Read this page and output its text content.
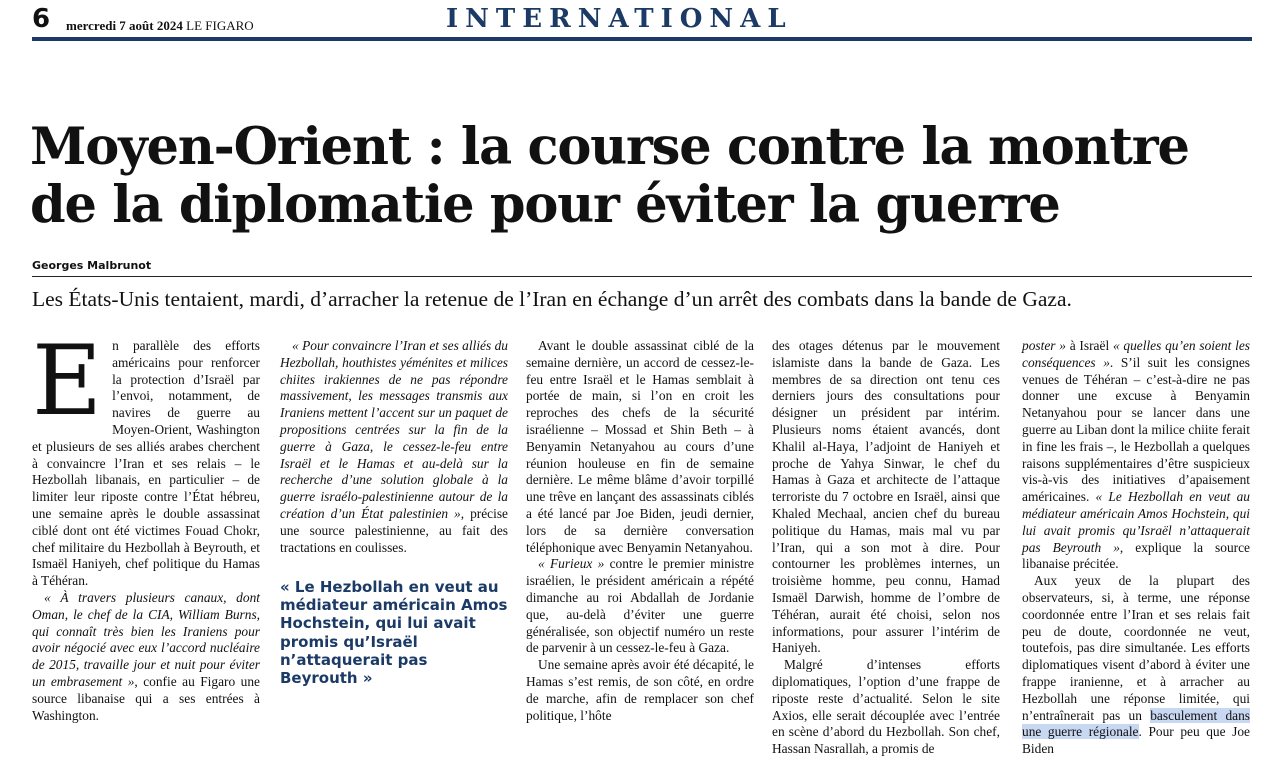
6 mercredi 7 août 2024 LE FIGARO	INTERNATIONAL
Moyen-Orient : la course contre la montre
de la diplomatie pour éviter la guerre
Georges Malbrunot
Les États-Unis tentaient, mardi, d’arracher la retenue de l’Iran en échange d’un arrêt des combats dans la bande de Gaza.

En parallèle des efforts américains pour renforcer la protection d’Israël par l’envoi, notamment, de navires de guerre au Moyen-Orient, Washington et plusieurs de ses alliés arabes cherchent à convaincre l’Iran et ses relais – le Hezbollah libanais, en particulier – de limiter leur riposte contre l’État hébreu, une semaine après le double assassinat ciblé dont ont été victimes Fouad Chokr, chef militaire du Hezbollah à Beyrouth, et Ismaël Haniyeh, chef politique du Hamas à Téhéran.

« À travers plusieurs canaux, dont Oman, le chef de la CIA, William Burns, qui connaît très bien les Iraniens pour avoir négocié avec eux l’accord nucléaire de 2015, travaille jour et nuit pour éviter un embrasement », confie au Figaro une source libanaise qui a ses entrées à Washington.

« Pour convaincre l’Iran et ses alliés du Hezbollah, houthistes yéménites et milices chiites irakiennes de ne pas répondre massivement, les messages transmis aux Iraniens mettent l’accent sur un paquet de propositions centrées sur la fin de la guerre à Gaza, le cessez-le-feu entre Israël et le Hamas et au-delà sur la recherche d’une solution globale à la guerre israélo-palestinienne autour de la création d’un État palestinien », précise une source palestinienne, au fait des tractations en coulisses.

« Le Hezbollah en veut au médiateur américain Amos Hochstein, qui lui avait promis qu’Israël n’attaquerait pas Beyrouth »

Avant le double assassinat ciblé de la semaine dernière, un accord de cessez-le-feu entre Israël et le Hamas semblait à portée de main, si l’on en croit les reproches des chefs de la sécurité israélienne – Mossad et Shin Beth – à Benyamin Netanyahou au cours d’une réunion houleuse en fin de semaine dernière. Le même blâme d’avoir torpillé une trêve en lançant des assassinats ciblés a été lancé par Joe Biden, jeudi dernier, lors de sa dernière conversation téléphonique avec Benyamin Netanyahou.

« Furieux » contre le premier ministre israélien, le président américain a répété dimanche au roi Abdallah de Jordanie que, au-delà d’éviter une guerre généralisée, son objectif numéro un reste de parvenir à un cessez-le-feu à Gaza.

Une semaine après avoir été décapité, le Hamas s’est remis, de son côté, en ordre de marche, afin de remplacer son chef politique, l’hôte

des otages détenus par le mouvement islamiste dans la bande de Gaza. Les membres de sa direction ont tenu ces derniers jours des consultations pour désigner un président par intérim. Plusieurs noms étaient avancés, dont Khalil al-Haya, l’adjoint de Haniyeh et proche de Yahya Sinwar, le chef du Hamas à Gaza et architecte de l’attaque terroriste du 7 octobre en Israël, ainsi que Khaled Mechaal, ancien chef du bureau politique du Hamas, mais mal vu par l’Iran, qui a son mot à dire. Pour contourner les problèmes internes, un troisième homme, peu connu, Hamad Ismaël Darwish, homme de l’ombre de Téhéran, aurait été choisi, selon nos informations, pour assurer l’intérim de Haniyeh.

Malgré d’intenses efforts diplomatiques, l’option d’une frappe de riposte reste d’actualité. Selon le site Axios, elle serait découplée avec l’entrée en scène d’abord du Hezbollah. Son chef, Hassan Nasrallah, a promis de

poster » à Israël « quelles qu’en soient les conséquences ». S’il suit les consignes venues de Téhéran – c’est-à-dire ne pas donner une excuse à Benyamin Netanyahou pour se lancer dans une guerre au Liban dont la milice chiite ferait in fine les frais –, le Hezbollah a quelques raisons supplémentaires d’être suspicieux vis-à-vis des initiatives d’apaisement américaines. « Le Hezbollah en veut au médiateur américain Amos Hochstein, qui lui avait promis qu’Israël n’attaquerait pas Beyrouth », explique la source libanaise précitée.

Aux yeux de la plupart des observateurs, si, à terme, une réponse coordonnée entre l’Iran et ses relais fait peu de doute, coordonnée ne veut, toutefois, pas dire simultanée. Les efforts diplomatiques visent d’abord à éviter une frappe iranienne, et à arracher au Hezbollah une réponse limitée, qui n’entraînerait pas un basculement dans une guerre régionale. Pour peu que Joe Biden
